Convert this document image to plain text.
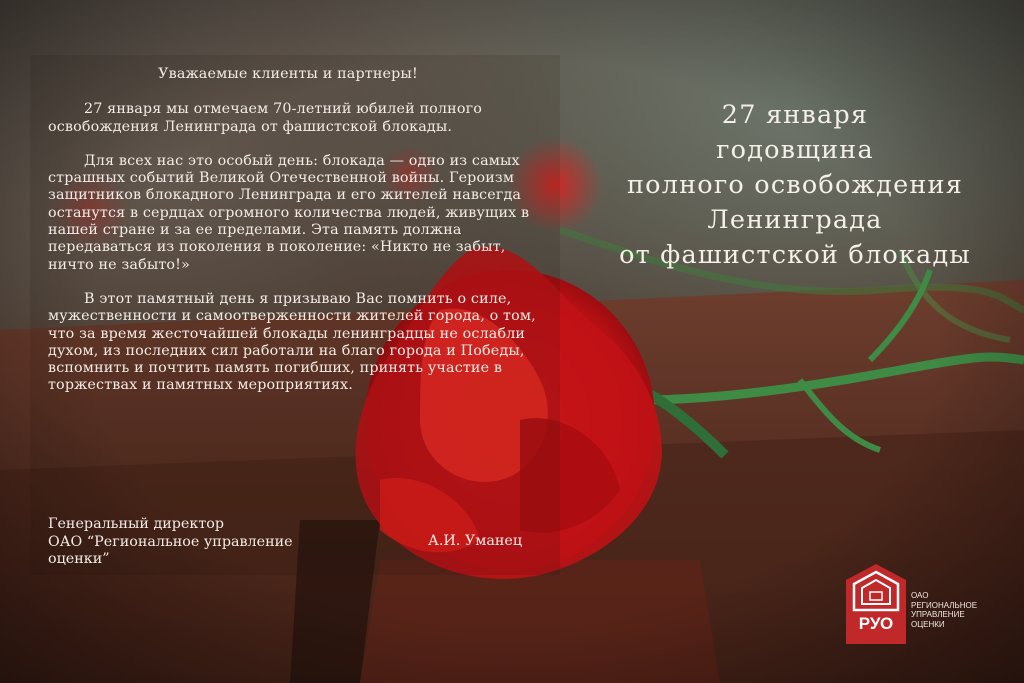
Уважаемые клиенты и партнеры!

27 января мы отмечаем 70-летний юбилей полного освобождения Ленинграда от фашистской блокады.

Для всех нас это особый день: блокада — одно из самых страшных событий Великой Отечественной войны. Героизм защитников блокадного Ленинграда и его жителей навсегда останутся в сердцах огромного количества людей, живущих в нашей стране и за ее пределами. Эта память должна передаваться из поколения в поколение: «Никто не забыт, ничто не забыто!»

В этот памятный день я призываю Вас помнить о силе, мужественности и самоотверженности жителей города, о том, что за время жесточайшей блокады ленинградцы не ослабли духом, из последних сил работали на благо города и Победы, вспомнить и почтить память погибших, принять участие в торжествах и памятных мероприятиях.

Генеральный директор
ОАО “Региональное управление
оценки”
А.И. Уманец
27 января
годовщина
полного освобождения
Ленинграда
от фашистской блокады
РУО
ОАО
РЕГИОНАЛЬНОЕ
УПРАВЛЕНИЕ
ОЦЕНКИ
